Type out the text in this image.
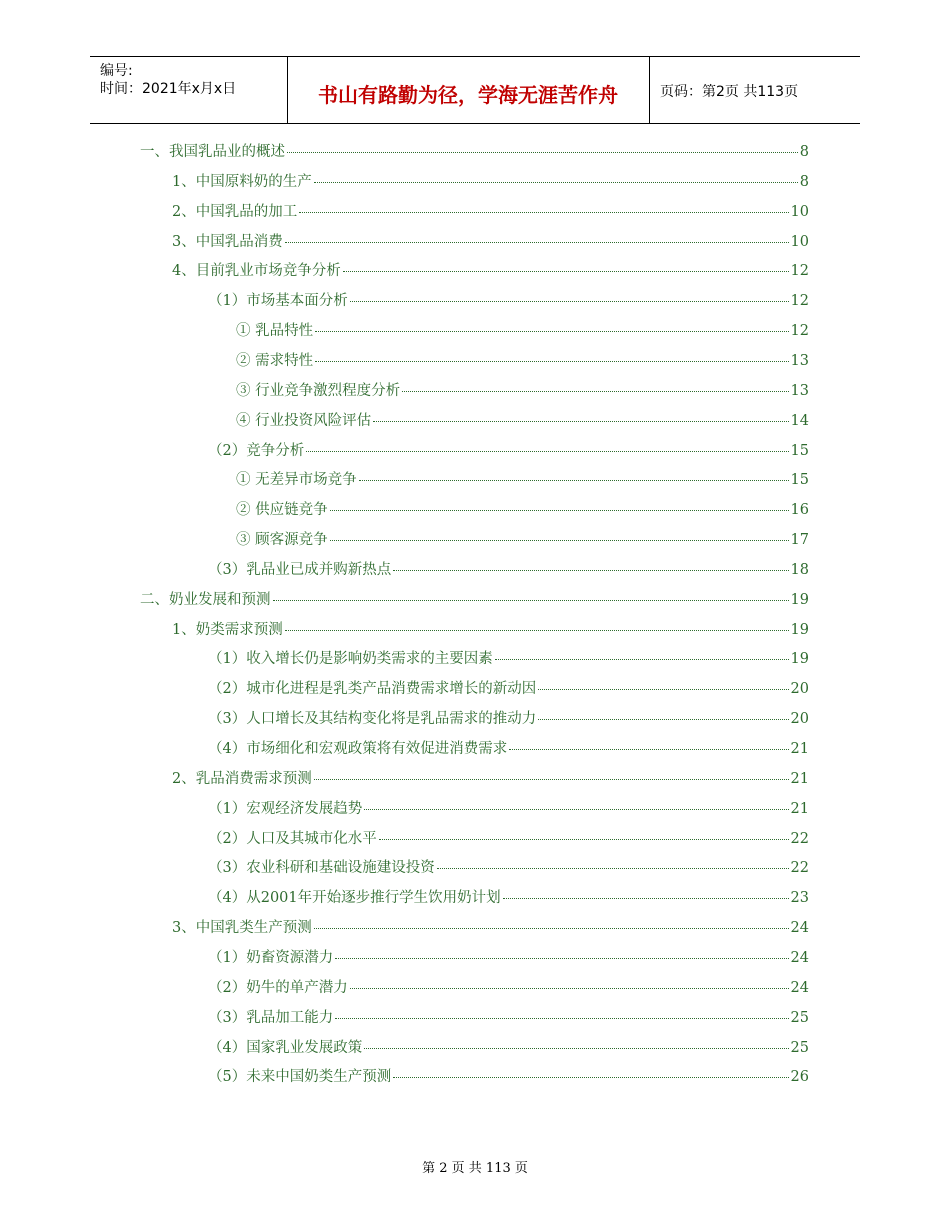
编号:
时间：2021年x月x日	书山有路勤为径，学海无涯苦作舟	页码：第2页 共113页
一、我国乳品业的概述	8
1、中国原料奶的生产	8
2、中国乳品的加工	10
3、中国乳品消费	10
4、目前乳业市场竞争分析	12
（1）市场基本面分析	12
① 乳品特性	12
② 需求特性	13
③ 行业竞争激烈程度分析	13
④ 行业投资风险评估	14
（2）竞争分析	15
① 无差异市场竞争	15
② 供应链竞争	16
③ 顾客源竞争	17
（3）乳品业已成并购新热点	18
二、奶业发展和预测	19
1、奶类需求预测	19
（1）收入增长仍是影响奶类需求的主要因素	19
（2）城市化进程是乳类产品消费需求增长的新动因	20
（3）人口增长及其结构变化将是乳品需求的推动力	20
（4）市场细化和宏观政策将有效促进消费需求	21
2、乳品消费需求预测	21
（1）宏观经济发展趋势	21
（2）人口及其城市化水平	22
（3）农业科研和基础设施建设投资	22
（4）从2001年开始逐步推行学生饮用奶计划	23
3、中国乳类生产预测	24
（1）奶畜资源潜力	24
（2）奶牛的单产潜力	24
（3）乳品加工能力	25
（4）国家乳业发展政策	25
（5）未来中国奶类生产预测	26
第 2 页 共 113 页
